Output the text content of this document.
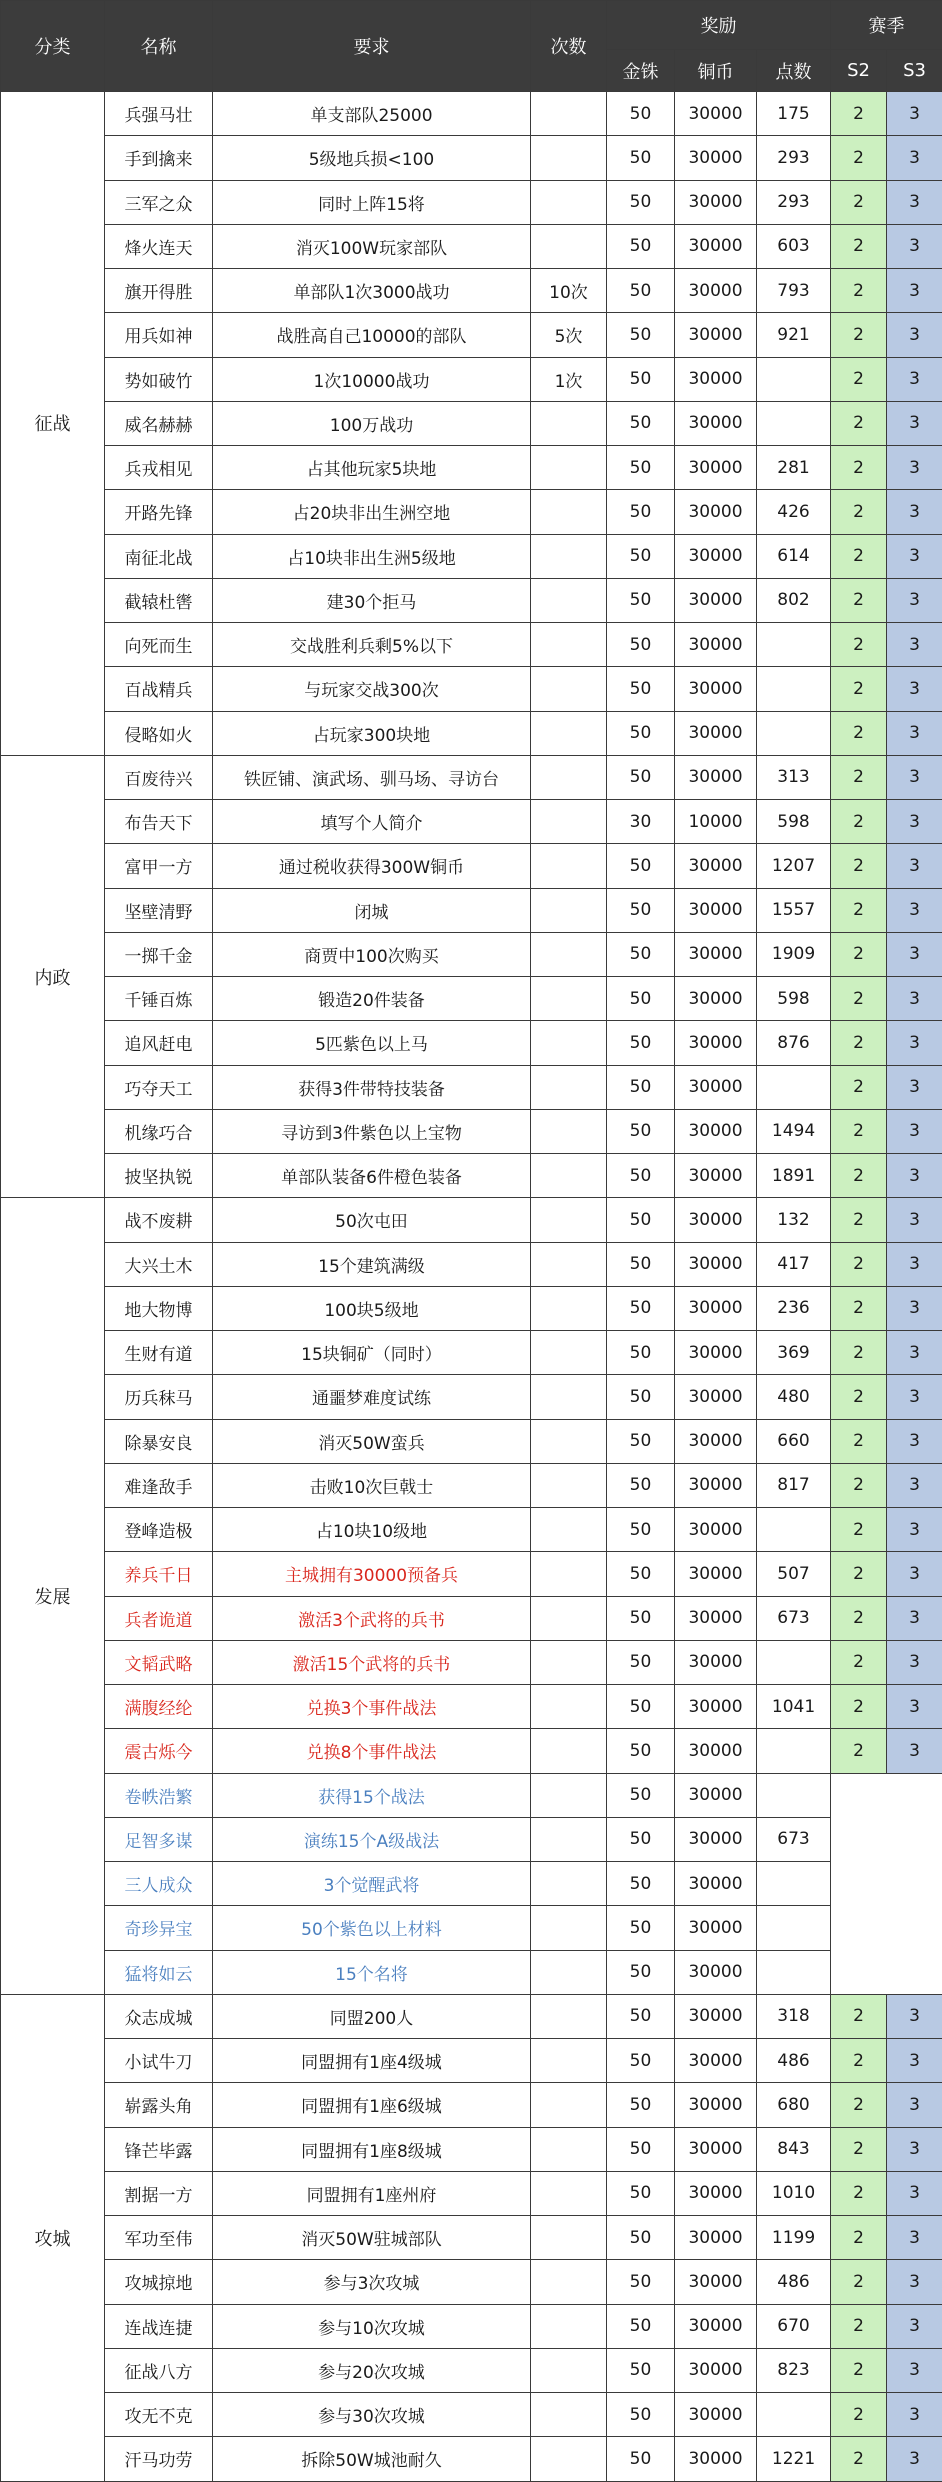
分类	名称	要求	次数	奖励			赛季	
				金铢	铜币	点数	S2	S3
征战	兵强马壮	单支部队25000		50	30000	175	2	3
	手到擒来	5级地兵损<100		50	30000	293	2	3
	三军之众	同时上阵15将		50	30000	293	2	3
	烽火连天	消灭100W玩家部队		50	30000	603	2	3
	旗开得胜	单部队1次3000战功	10次	50	30000	793	2	3
	用兵如神	战胜高自己10000的部队	5次	50	30000	921	2	3
	势如破竹	1次10000战功	1次	50	30000		2	3
	威名赫赫	100万战功		50	30000		2	3
	兵戎相见	占其他玩家5块地		50	30000	281	2	3
	开路先锋	占20块非出生洲空地		50	30000	426	2	3
	南征北战	占10块非出生洲5级地		50	30000	614	2	3
	截辕杜辔	建30个拒马		50	30000	802	2	3
	向死而生	交战胜利兵剩5%以下		50	30000		2	3
	百战精兵	与玩家交战300次		50	30000		2	3
	侵略如火	占玩家300块地		50	30000		2	3
内政	百废待兴	铁匠铺、演武场、驯马场、寻访台		50	30000	313	2	3
	布告天下	填写个人简介		30	10000	598	2	3
	富甲一方	通过税收获得300W铜币		50	30000	1207	2	3
	坚壁清野	闭城		50	30000	1557	2	3
	一掷千金	商贾中100次购买		50	30000	1909	2	3
	千锤百炼	锻造20件装备		50	30000	598	2	3
	追风赶电	5匹紫色以上马		50	30000	876	2	3
	巧夺天工	获得3件带特技装备		50	30000		2	3
	机缘巧合	寻访到3件紫色以上宝物		50	30000	1494	2	3
	披坚执锐	单部队装备6件橙色装备		50	30000	1891	2	3
发展	战不废耕	50次屯田		50	30000	132	2	3
	大兴土木	15个建筑满级		50	30000	417	2	3
	地大物博	100块5级地		50	30000	236	2	3
	生财有道	15块铜矿（同时）		50	30000	369	2	3
	历兵秣马	通噩梦难度试练		50	30000	480	2	3
	除暴安良	消灭50W蛮兵		50	30000	660	2	3
	难逢敌手	击败10次巨戟士		50	30000	817	2	3
	登峰造极	占10块10级地		50	30000		2	3
	养兵千日	主城拥有30000预备兵		50	30000	507	2	3
	兵者诡道	激活3个武将的兵书		50	30000	673	2	3
	文韬武略	激活15个武将的兵书		50	30000		2	3
	满腹经纶	兑换3个事件战法		50	30000	1041	2	3
	震古烁今	兑换8个事件战法		50	30000		2	3
	卷帙浩繁	获得15个战法		50	30000			
	足智多谋	演练15个A级战法		50	30000	673		
	三人成众	3个觉醒武将		50	30000			
	奇珍异宝	50个紫色以上材料		50	30000			
	猛将如云	15个名将		50	30000			
攻城	众志成城	同盟200人		50	30000	318	2	3
	小试牛刀	同盟拥有1座4级城		50	30000	486	2	3
	崭露头角	同盟拥有1座6级城		50	30000	680	2	3
	锋芒毕露	同盟拥有1座8级城		50	30000	843	2	3
	割据一方	同盟拥有1座州府		50	30000	1010	2	3
	军功至伟	消灭50W驻城部队		50	30000	1199	2	3
	攻城掠地	参与3次攻城		50	30000	486	2	3
	连战连捷	参与10次攻城		50	30000	670	2	3
	征战八方	参与20次攻城		50	30000	823	2	3
	攻无不克	参与30次攻城		50	30000		2	3
	汗马功劳	拆除50W城池耐久		50	30000	1221	2	3
